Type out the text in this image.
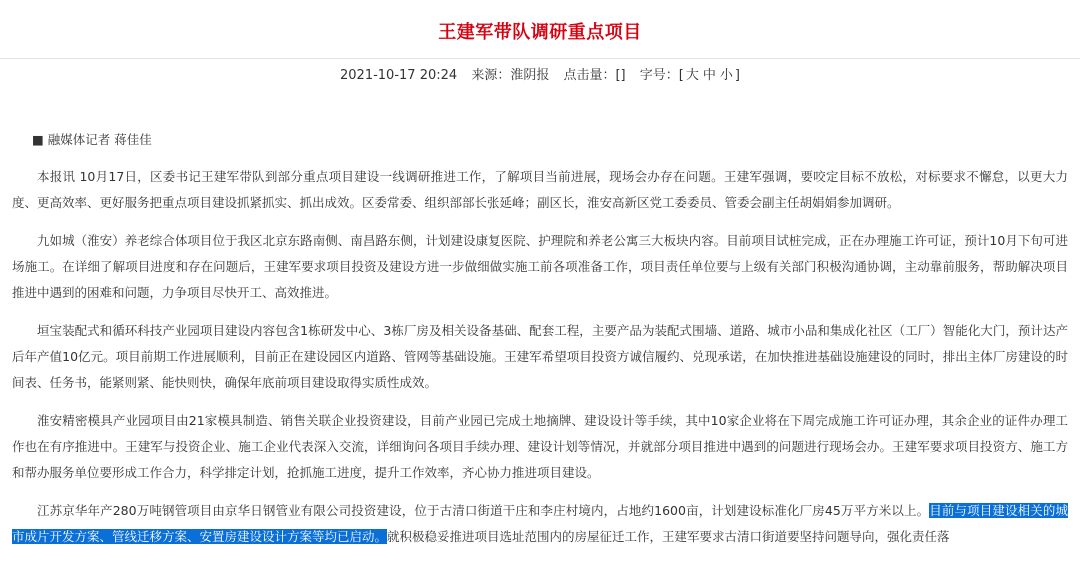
王建军带队调研重点项目
2021-10-17 20:24 来源：淮阴报 点击量：[] 字号：[ 大 中 小 ]

■ 融媒体记者 蒋佳佳

本报讯 10月17日，区委书记王建军带队到部分重点项目建设一线调研推进工作，了解项目当前进展，现场会办存在问题。王建军强调，要咬定目标不放松，对标要求不懈怠，以更大力度、更高效率、更好服务把重点项目建设抓紧抓实、抓出成效。区委常委、组织部部长张延峰；副区长，淮安高新区党工委委员、管委会副主任胡娟娟参加调研。

九如城（淮安）养老综合体项目位于我区北京东路南侧、南昌路东侧，计划建设康复医院、护理院和养老公寓三大板块内容。目前项目试桩完成，正在办理施工许可证，预计10月下旬可进场施工。在详细了解项目进度和存在问题后，王建军要求项目投资及建设方进一步做细做实施工前各项准备工作，项目责任单位要与上级有关部门积极沟通协调，主动靠前服务，帮助解决项目推进中遇到的困难和问题，力争项目尽快开工、高效推进。

垣宝装配式和循环科技产业园项目建设内容包含1栋研发中心、3栋厂房及相关设备基础、配套工程，主要产品为装配式围墙、道路、城市小品和集成化社区（工厂）智能化大门，预计达产后年产值10亿元。项目前期工作进展顺利，目前正在建设园区内道路、管网等基础设施。王建军希望项目投资方诚信履约、兑现承诺，在加快推进基础设施建设的同时，排出主体厂房建设的时间表、任务书，能紧则紧、能快则快，确保年底前项目建设取得实质性成效。

淮安精密模具产业园项目由21家模具制造、销售关联企业投资建设，目前产业园已完成土地摘牌、建设设计等手续，其中10家企业将在下周完成施工许可证办理，其余企业的证件办理工作也在有序推进中。王建军与投资企业、施工企业代表深入交流，详细询问各项目手续办理、建设计划等情况，并就部分项目推进中遇到的问题进行现场会办。王建军要求项目投资方、施工方和帮办服务单位要形成工作合力，科学排定计划，抢抓施工进度，提升工作效率，齐心协力推进项目建设。

江苏京华年产280万吨钢管项目由京华日钢管业有限公司投资建设，位于古清口街道干庄和李庄村境内，占地约1600亩，计划建设标准化厂房45万平方米以上。目前与项目建设相关的城市成片开发方案、管线迁移方案、安置房建设设计方案等均已启动。就积极稳妥推进项目选址范围内的房屋征迁工作，王建军要求古清口街道要坚持问题导向，强化责任落
